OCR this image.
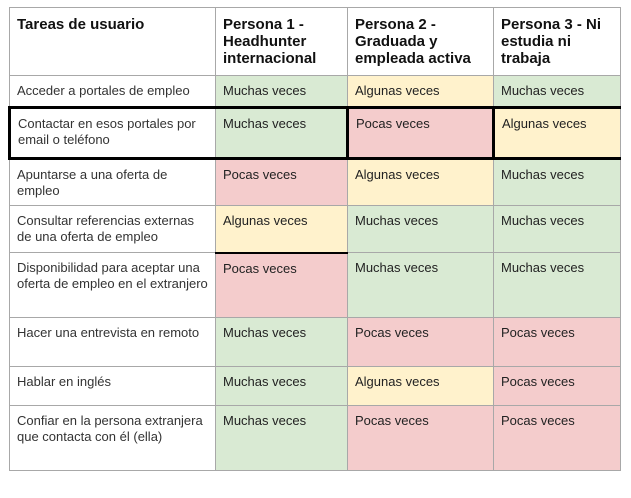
Tareas de usuario	Persona 1 - Headhunter internacional	Persona 2 - Graduada y empleada activa	Persona 3 - Ni estudia ni trabaja
Acceder a portales de empleo	Muchas veces	Algunas veces	Muchas veces
Contactar en esos portales por email o teléfono	Muchas veces	Pocas veces	Algunas veces
Apuntarse a una oferta de empleo	Pocas veces	Algunas veces	Muchas veces
Consultar referencias externas de una oferta de empleo	Algunas veces	Muchas veces	Muchas veces
Disponibilidad para aceptar una oferta de empleo en el extranjero	Pocas veces	Muchas veces	Muchas veces
Hacer una entrevista en remoto	Muchas veces	Pocas veces	Pocas veces
Hablar en inglés	Muchas veces	Algunas veces	Pocas veces
Confiar en la persona extranjera que contacta con él (ella)	Muchas veces	Pocas veces	Pocas veces
